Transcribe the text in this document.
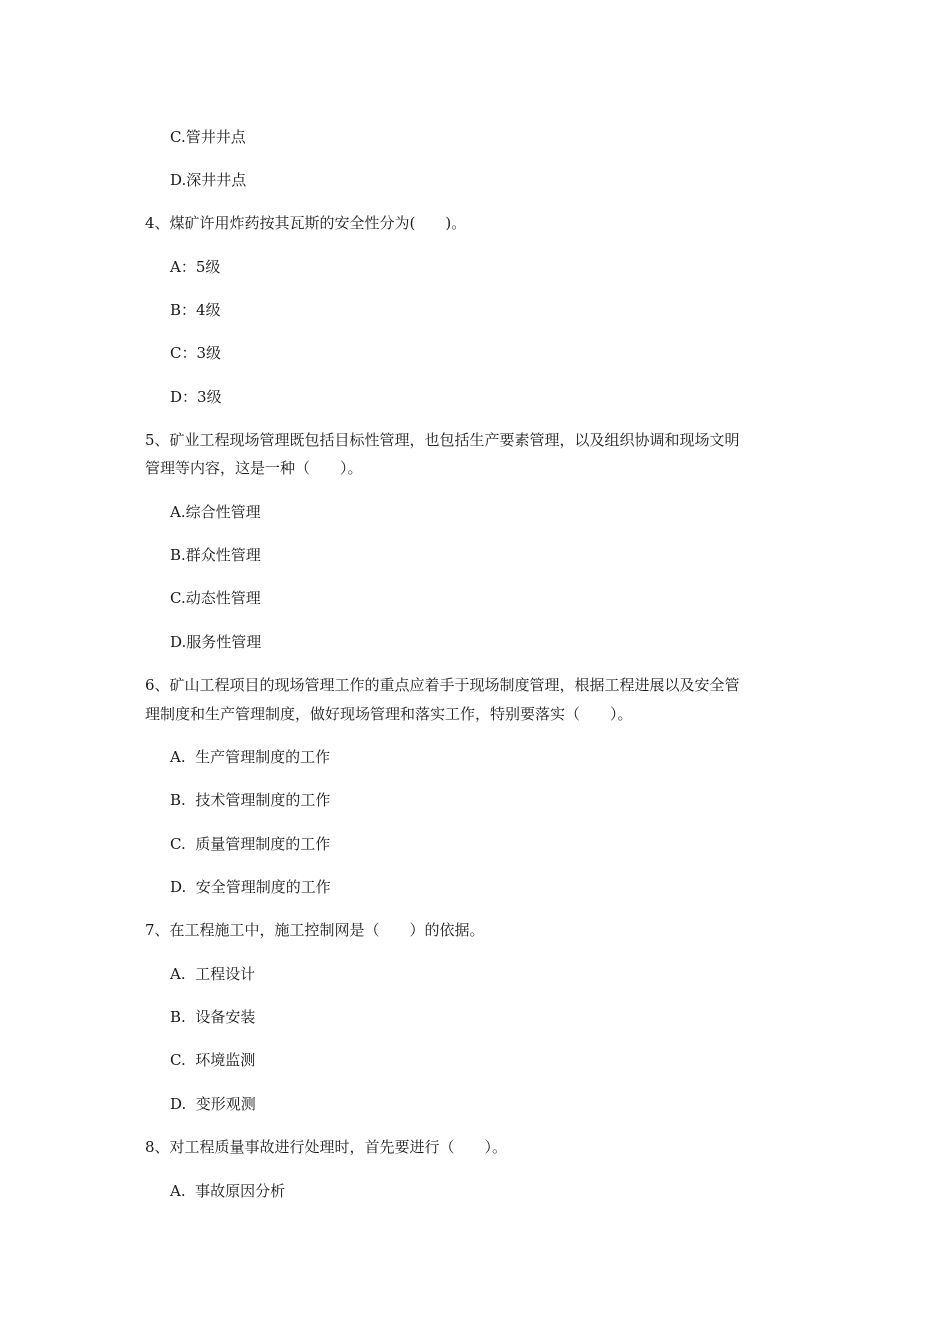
C.管井井点
D.深井井点
4、煤矿许用炸药按其瓦斯的安全性分为(　　)。
A：5级
B：4级
C：3级
D：3级
5、矿业工程现场管理既包括目标性管理，也包括生产要素管理，以及组织协调和现场文明
管理等内容，这是一种（　　）。
A.综合性管理
B.群众性管理
C.动态性管理
D.服务性管理
6、矿山工程项目的现场管理工作的重点应着手于现场制度管理，根据工程进展以及安全管
理制度和生产管理制度，做好现场管理和落实工作，特别要落实（　　）。
A.  生产管理制度的工作
B.  技术管理制度的工作
C.  质量管理制度的工作
D.  安全管理制度的工作
7、在工程施工中，施工控制网是（　　）的依据。
A.  工程设计
B.  设备安装
C.  环境监测
D.  变形观测
8、对工程质量事故进行处理时，首先要进行（　　）。
A.  事故原因分析
